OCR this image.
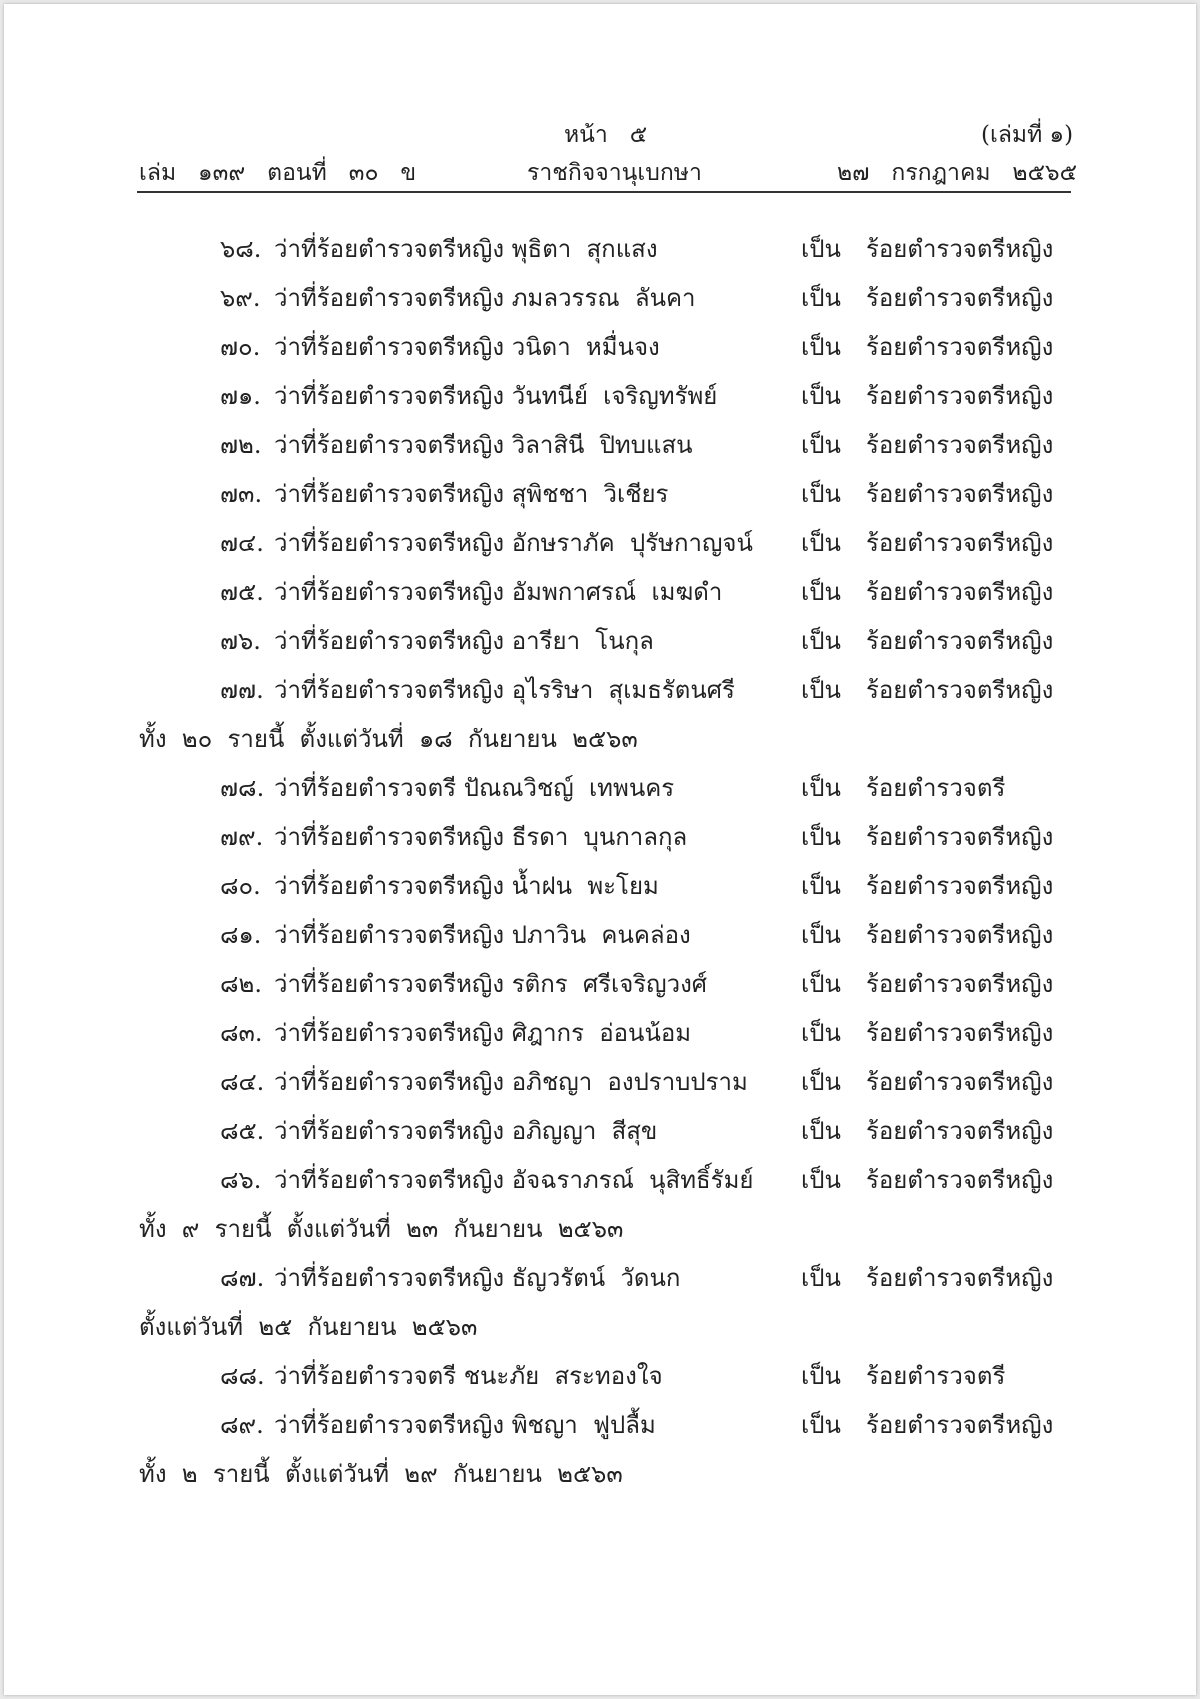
หน้า   ๕	(เล่มที่ ๑)
เล่ม   ๑๓๙   ตอนที่   ๓๐   ข	ราชกิจจานุเบกษา	๒๗   กรกฎาคม   ๒๕๖๕
๖๘. ว่าที่ร้อยตำรวจตรีหญิง พุธิตา  สุกแสง	เป็น ร้อยตำรวจตรีหญิง
๖๙. ว่าที่ร้อยตำรวจตรีหญิง ภมลวรรณ  ลันคา	เป็น ร้อยตำรวจตรีหญิง
๗๐. ว่าที่ร้อยตำรวจตรีหญิง วนิดา  หมื่นจง	เป็น ร้อยตำรวจตรีหญิง
๗๑. ว่าที่ร้อยตำรวจตรีหญิง วันทนีย์  เจริญทรัพย์	เป็น ร้อยตำรวจตรีหญิง
๗๒. ว่าที่ร้อยตำรวจตรีหญิง วิลาสินี  ปิทบแสน	เป็น ร้อยตำรวจตรีหญิง
๗๓. ว่าที่ร้อยตำรวจตรีหญิง สุพิชชา  วิเชียร	เป็น ร้อยตำรวจตรีหญิง
๗๔. ว่าที่ร้อยตำรวจตรีหญิง อักษราภัค  ปุรัษกาญจน์ เป็น ร้อยตำรวจตรีหญิง
๗๕. ว่าที่ร้อยตำรวจตรีหญิง อัมพกาศรณ์  เมฆดำ	เป็น ร้อยตำรวจตรีหญิง
๗๖. ว่าที่ร้อยตำรวจตรีหญิง อารียา  โนกุล	เป็น ร้อยตำรวจตรีหญิง
๗๗. ว่าที่ร้อยตำรวจตรีหญิง อุไรริษา  สุเมธรัตนศรี	เป็น ร้อยตำรวจตรีหญิง
ทั้ง  ๒๐  รายนี้  ตั้งแต่วันที่  ๑๘  กันยายน  ๒๕๖๓
๗๘. ว่าที่ร้อยตำรวจตรี ปัณณวิชญ์  เทพนคร	เป็น ร้อยตำรวจตรี
๗๙. ว่าที่ร้อยตำรวจตรีหญิง ธีรดา  บุนกาลกุล	เป็น ร้อยตำรวจตรีหญิง
๘๐. ว่าที่ร้อยตำรวจตรีหญิง น้ำฝน  พะโยม	เป็น ร้อยตำรวจตรีหญิง
๘๑. ว่าที่ร้อยตำรวจตรีหญิง ปภาวิน  คนคล่อง	เป็น ร้อยตำรวจตรีหญิง
๘๒. ว่าที่ร้อยตำรวจตรีหญิง รติกร  ศรีเจริญวงศ์	เป็น ร้อยตำรวจตรีหญิง
๘๓. ว่าที่ร้อยตำรวจตรีหญิง ศิฎากร  อ่อนน้อม	เป็น ร้อยตำรวจตรีหญิง
๘๔. ว่าที่ร้อยตำรวจตรีหญิง อภิชญา  องปราบปราม เป็น ร้อยตำรวจตรีหญิง
๘๕. ว่าที่ร้อยตำรวจตรีหญิง อภิญญา  สีสุข	เป็น ร้อยตำรวจตรีหญิง
๘๖. ว่าที่ร้อยตำรวจตรีหญิง อัจฉราภรณ์  นุสิทธิ์รัมย์ เป็น ร้อยตำรวจตรีหญิง
ทั้ง  ๙  รายนี้  ตั้งแต่วันที่  ๒๓  กันยายน  ๒๕๖๓
๘๗. ว่าที่ร้อยตำรวจตรีหญิง ธัญวรัตน์  วัดนก	เป็น ร้อยตำรวจตรีหญิง
ตั้งแต่วันที่  ๒๕  กันยายน  ๒๕๖๓
๘๘. ว่าที่ร้อยตำรวจตรี ชนะภัย  สระทองใจ	เป็น ร้อยตำรวจตรี
๘๙. ว่าที่ร้อยตำรวจตรีหญิง พิชญา  ฟูปลื้ม	เป็น ร้อยตำรวจตรีหญิง
ทั้ง  ๒  รายนี้  ตั้งแต่วันที่  ๒๙  กันยายน  ๒๕๖๓
